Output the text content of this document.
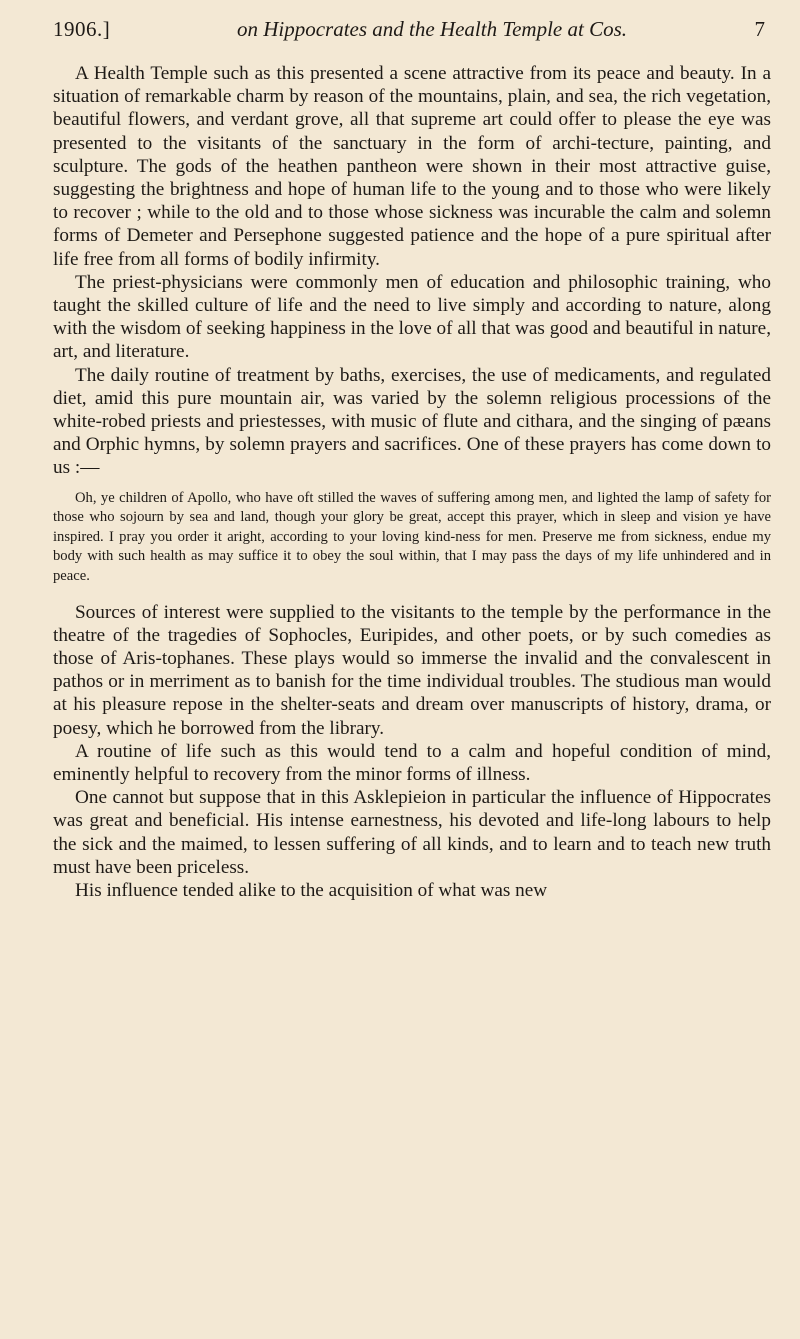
1906.]	on Hippocrates and the Health Temple at Cos.	7

A Health Temple such as this presented a scene attractive from its peace and beauty. In a situation of remarkable charm by reason of the mountains, plain, and sea, the rich vegetation, beautiful flowers, and verdant grove, all that supreme art could offer to please the eye was presented to the visitants of the sanctuary in the form of archi-tecture, painting, and sculpture. The gods of the heathen pantheon were shown in their most attractive guise, suggesting the brightness and hope of human life to the young and to those who were likely to recover ; while to the old and to those whose sickness was incurable the calm and solemn forms of Demeter and Persephone suggested patience and the hope of a pure spiritual after life free from all forms of bodily infirmity.

The priest-physicians were commonly men of education and philosophic training, who taught the skilled culture of life and the need to live simply and according to nature, along with the wisdom of seeking happiness in the love of all that was good and beautiful in nature, art, and literature.

The daily routine of treatment by baths, exercises, the use of medicaments, and regulated diet, amid this pure mountain air, was varied by the solemn religious processions of the white-robed priests and priestesses, with music of flute and cithara, and the singing of pæans and Orphic hymns, by solemn prayers and sacrifices. One of these prayers has come down to us :—

Oh, ye children of Apollo, who have oft stilled the waves of suffering among men, and lighted the lamp of safety for those who sojourn by sea and land, though your glory be great, accept this prayer, which in sleep and vision ye have inspired. I pray you order it aright, according to your loving kind-ness for men. Preserve me from sickness, endue my body with such health as may suffice it to obey the soul within, that I may pass the days of my life unhindered and in peace.

Sources of interest were supplied to the visitants to the temple by the performance in the theatre of the tragedies of Sophocles, Euripides, and other poets, or by such comedies as those of Aris-tophanes. These plays would so immerse the invalid and the convalescent in pathos or in merriment as to banish for the time individual troubles. The studious man would at his pleasure repose in the shelter-seats and dream over manuscripts of history, drama, or poesy, which he borrowed from the library.

A routine of life such as this would tend to a calm and hopeful condition of mind, eminently helpful to recovery from the minor forms of illness.

One cannot but suppose that in this Asklepieion in particular the influence of Hippocrates was great and beneficial. His intense earnestness, his devoted and life-long labours to help the sick and the maimed, to lessen suffering of all kinds, and to learn and to teach new truth must have been priceless.

His influence tended alike to the acquisition of what was new
